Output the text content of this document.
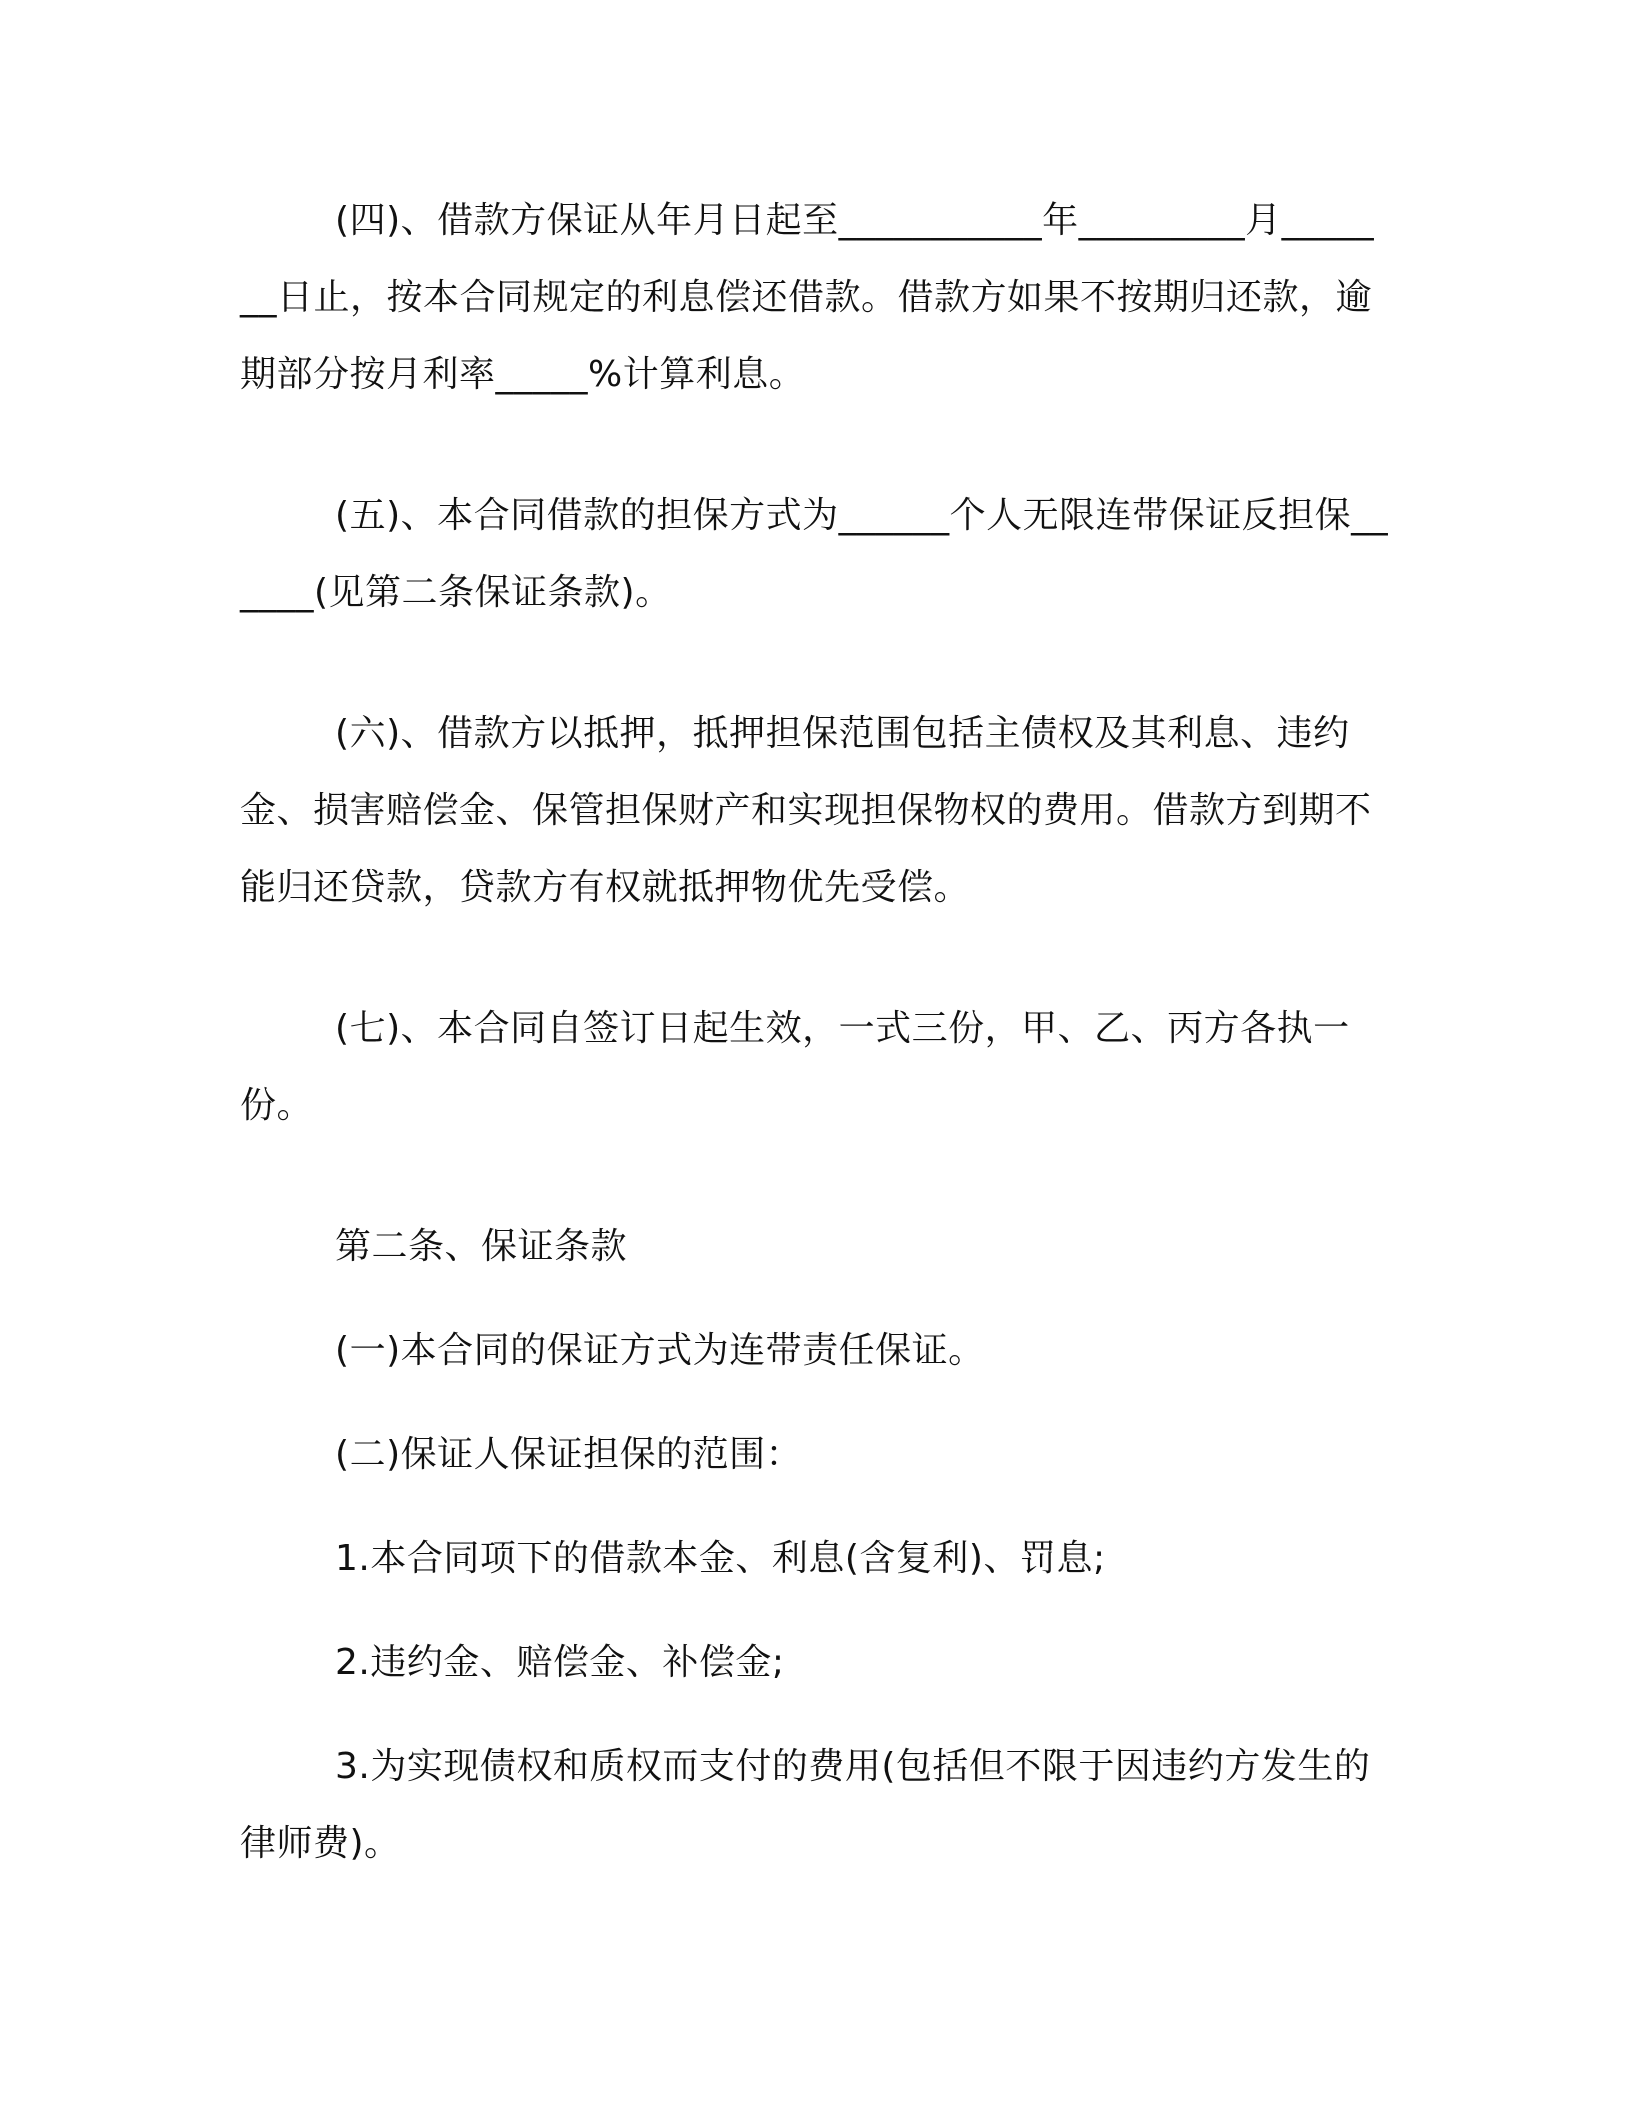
(四)、借款方保证从年月日起至___________年_________月_______日止，按本合同规定的利息偿还借款。借款方如果不按期归还款，逾期部分按月利率_____%计算利息。

(五)、本合同借款的担保方式为______个人无限连带保证反担保______(见第二条保证条款)。

(六)、借款方以抵押，抵押担保范围包括主债权及其利息、违约金、损害赔偿金、保管担保财产和实现担保物权的费用。借款方到期不能归还贷款，贷款方有权就抵押物优先受偿。

(七)、本合同自签订日起生效，一式三份，甲、乙、丙方各执一份。

第二条、保证条款

(一)本合同的保证方式为连带责任保证。

(二)保证人保证担保的范围：

1.本合同项下的借款本金、利息(含复利)、罚息;

2.违约金、赔偿金、补偿金;

3.为实现债权和质权而支付的费用(包括但不限于因违约方发生的律师费)。
